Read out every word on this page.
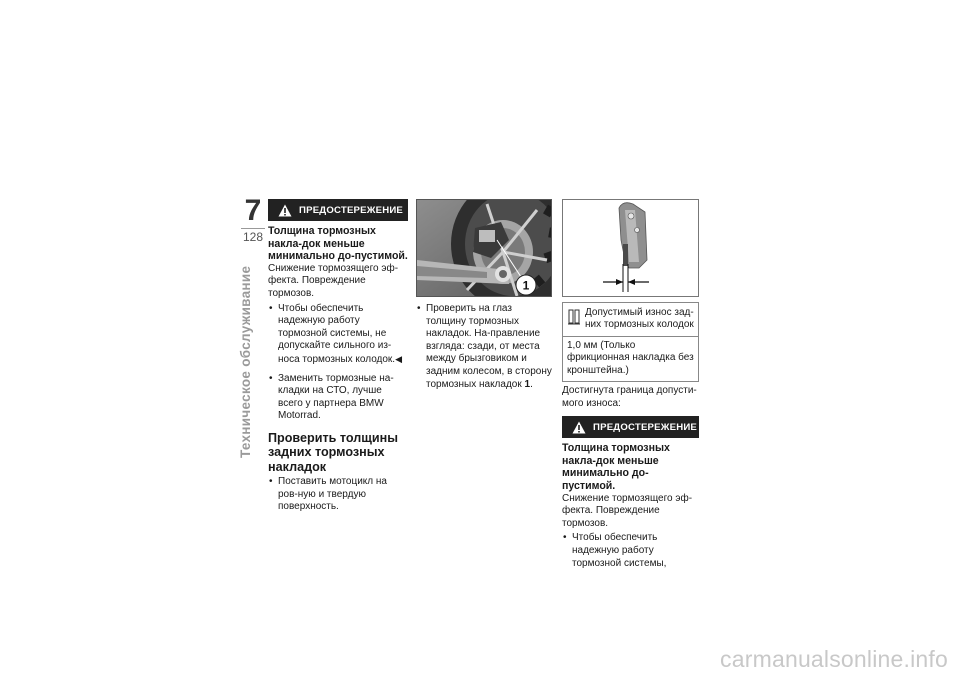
7
128
Техническое обслуживание
ПРЕДОСТЕРЕЖЕНИЕ
Толщина тормозных накла-док меньше минимально до-пустимой.
Снижение тормозящего эф-фекта. Повреждение тормозов.
• Чтобы обеспечить надежную работу тормозной системы, не допускайте сильного из-носа тормозных колодок.◀
• Заменить тормозные на-кладки на СТО, лучше всего у партнера BMW Motorrad.
Проверить толщины задних тормозных накладок
• Поставить мотоцикл на ров-ную и твердую поверхность.
1
• Проверить на глаз толщину тормозных накладок. На-правление взгляда: сзади, от места между брызговиком и задним колесом, в сторону тормозных накладок 1.
Допустимый износ зад-них тормозных колодок
1,0 мм (Только фрикционная накладка без кронштейна.)
Достигнута граница допусти-мого износа:
ПРЕДОСТЕРЕЖЕНИЕ
Толщина тормозных накла-док меньше минимально до-пустимой.
Снижение тормозящего эф-фекта. Повреждение тормозов.
• Чтобы обеспечить надежную работу тормозной системы,
carmanualsonline.info
